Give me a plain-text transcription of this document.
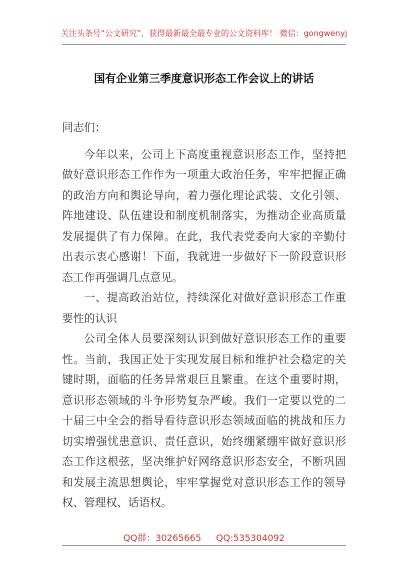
关注头条号“公文研究”，获得最新最全最专业的公文资料库！ 微信：gongwenyj
国有企业第三季度意识形态工作会议上的讲话

同志们：

今年以来，公司上下高度重视意识形态工作，坚持把做好意识形态工作作为一项重大政治任务，牢牢把握正确的政治方向和舆论导向，着力强化理论武装、文化引领、阵地建设、队伍建设和制度机制落实，为推动企业高质量发展提供了有力保障。在此，我代表党委向大家的辛勤付出表示衷心感谢！下面，我就进一步做好下一阶段意识形态工作再强调几点意见。

一、提高政治站位，持续深化对做好意识形态工作重要性的认识

公司全体人员要深刻认识到做好意识形态工作的重要性。当前，我国正处于实现发展目标和维护社会稳定的关键时期，面临的任务异常艰巨且繁重。在这个重要时期，意识形态领域的斗争形势复杂严峻。我们一定要以党的二十届三中全会的指导看待意识形态领域面临的挑战和压力切实增强忧患意识、责任意识，始终绷紧绷牢做好意识形态工作这根弦，坚决维护好网络意识形态安全，不断巩固和发展主流思想舆论，牢牢掌握党对意识形态工作的领导权、管理权、话语权。

QQ群：30265665 QQ:535304092
